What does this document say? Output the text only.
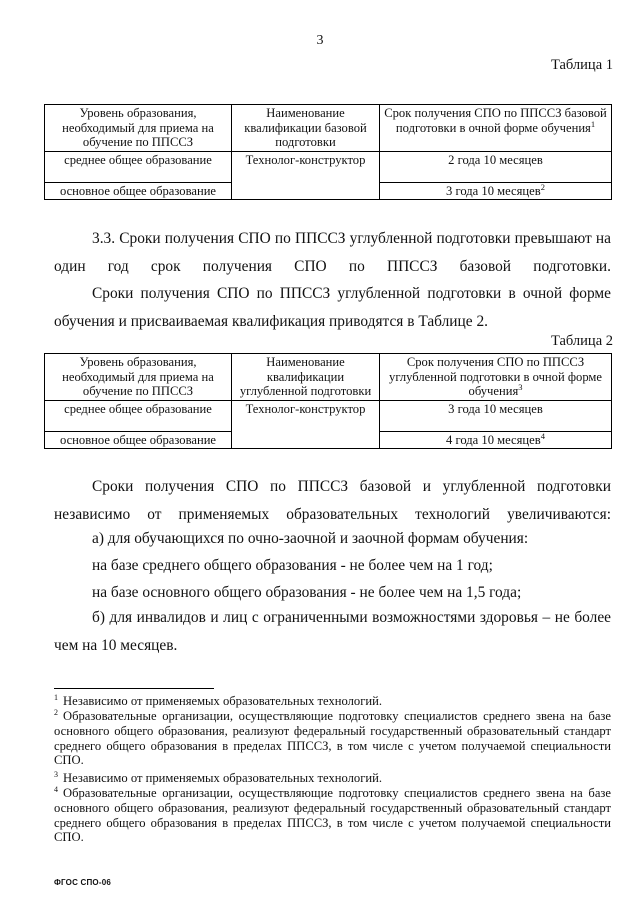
3
Таблица 1
Уровень образования, необходимый для приема на обучение по ППССЗ	Наименование квалификации базовой подготовки	Срок получения СПО по ППССЗ базовой подготовки в очной форме обучения$^1$
среднее общее образование	Технолог-конструктор	2 года 10 месяцев
основное общее образование		3 года 10 месяцев$^2$
3.3. Сроки получения СПО по ППССЗ углубленной подготовки превышают на один год срок получения СПО по ППССЗ базовой подготовки.
Сроки получения СПО по ППССЗ углубленной подготовки в очной форме обучения и присваиваемая квалификация приводятся в Таблице 2.
Таблица 2
Уровень образования, необходимый для приема на обучение по ППССЗ	Наименование квалификации углубленной подготовки	Срок получения СПО по ППССЗ углубленной подготовки в очной форме обучения$^3$
среднее общее образование	Технолог-конструктор	3 года 10 месяцев
основное общее образование		4 года 10 месяцев$^4$
Сроки получения СПО по ППССЗ базовой и углубленной подготовки независимо от применяемых образовательных технологий увеличиваются:
а) для обучающихся по очно-заочной и заочной формам обучения:
на базе среднего общего образования - не более чем на 1 год;
на базе основного общего образования - не более чем на 1,5 года;
б) для инвалидов и лиц с ограниченными возможностями здоровья – не более чем на 10 месяцев.
$^1$ Независимо от применяемых образовательных технологий.
$^2$ Образовательные организации, осуществляющие подготовку специалистов среднего звена на базе основного общего образования, реализуют федеральный государственный образовательный стандарт среднего общего образования в пределах ППССЗ, в том числе с учетом получаемой специальности СПО.
$^3$ Независимо от применяемых образовательных технологий.
$^4$ Образовательные организации, осуществляющие подготовку специалистов среднего звена на базе основного общего образования, реализуют федеральный государственный образовательный стандарт среднего общего образования в пределах ППССЗ, в том числе с учетом получаемой специальности СПО.
ФГОС СПО-06
